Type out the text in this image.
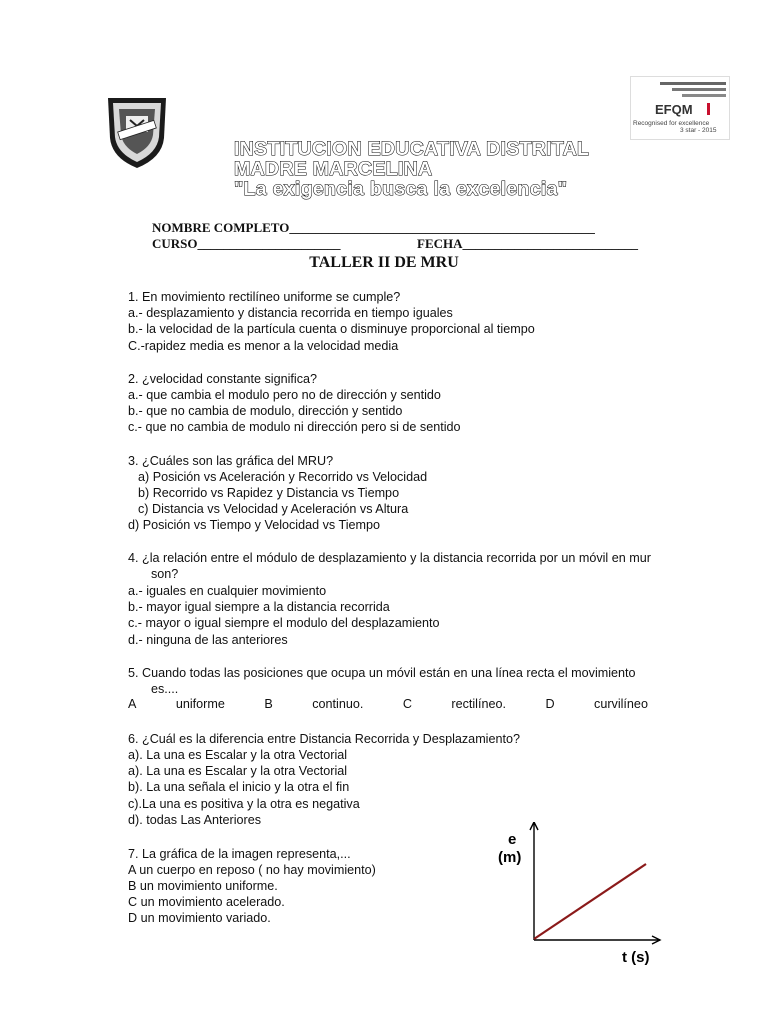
EFQM
Recognised for excellence
3 star - 2015
INSTITUCION EDUCATIVA DISTRITAL
MADRE MARCELINA
"La exigencia busca la excelencia"
NOMBRE COMPLETO_______________________________________________
CURSO______________________	FECHA___________________________
TALLER II DE MRU
1. En movimiento rectilíneo uniforme se cumple?
a.- desplazamiento y distancia recorrida en tiempo iguales
b.- la velocidad de la partícula cuenta o disminuye proporcional al tiempo
C.-rapidez media es menor a la velocidad media
2. ¿velocidad constante significa?
a.- que cambia el modulo pero no de dirección y sentido
b.- que no cambia de modulo, dirección y sentido
c.- que no cambia de modulo ni dirección pero si de sentido
3. ¿Cuáles son las gráfica del MRU?
a) Posición vs Aceleración y Recorrido vs Velocidad
b) Recorrido vs Rapidez y Distancia vs Tiempo
c) Distancia vs Velocidad y Aceleración vs Altura
d) Posición vs Tiempo y Velocidad vs Tiempo
4. ¿la relación entre el módulo de desplazamiento y la distancia recorrida por un móvil en mur
son?
a.- iguales en cualquier movimiento
b.- mayor igual siempre a la distancia recorrida
c.- mayor o igual siempre el modulo del desplazamiento
d.- ninguna de las anteriores
5. Cuando todas las posiciones que ocupa un móvil están en una línea recta el movimiento
es....
A	uniforme	B	continuo.	C	rectilíneo.	D	curvilíneo
6. ¿Cuál es la diferencia entre Distancia Recorrida y Desplazamiento?
a). La una es Escalar y la otra Vectorial
a). La una es Escalar y la otra Vectorial
b). La una señala el inicio y la otra el fin
c).La una es positiva y la otra es negativa
d). todas Las Anteriores
7. La gráfica de la imagen representa,...
A un cuerpo en reposo ( no hay movimiento)
B un movimiento uniforme.
C un movimiento acelerado.
D un movimiento variado.
e
(m)
t (s)
